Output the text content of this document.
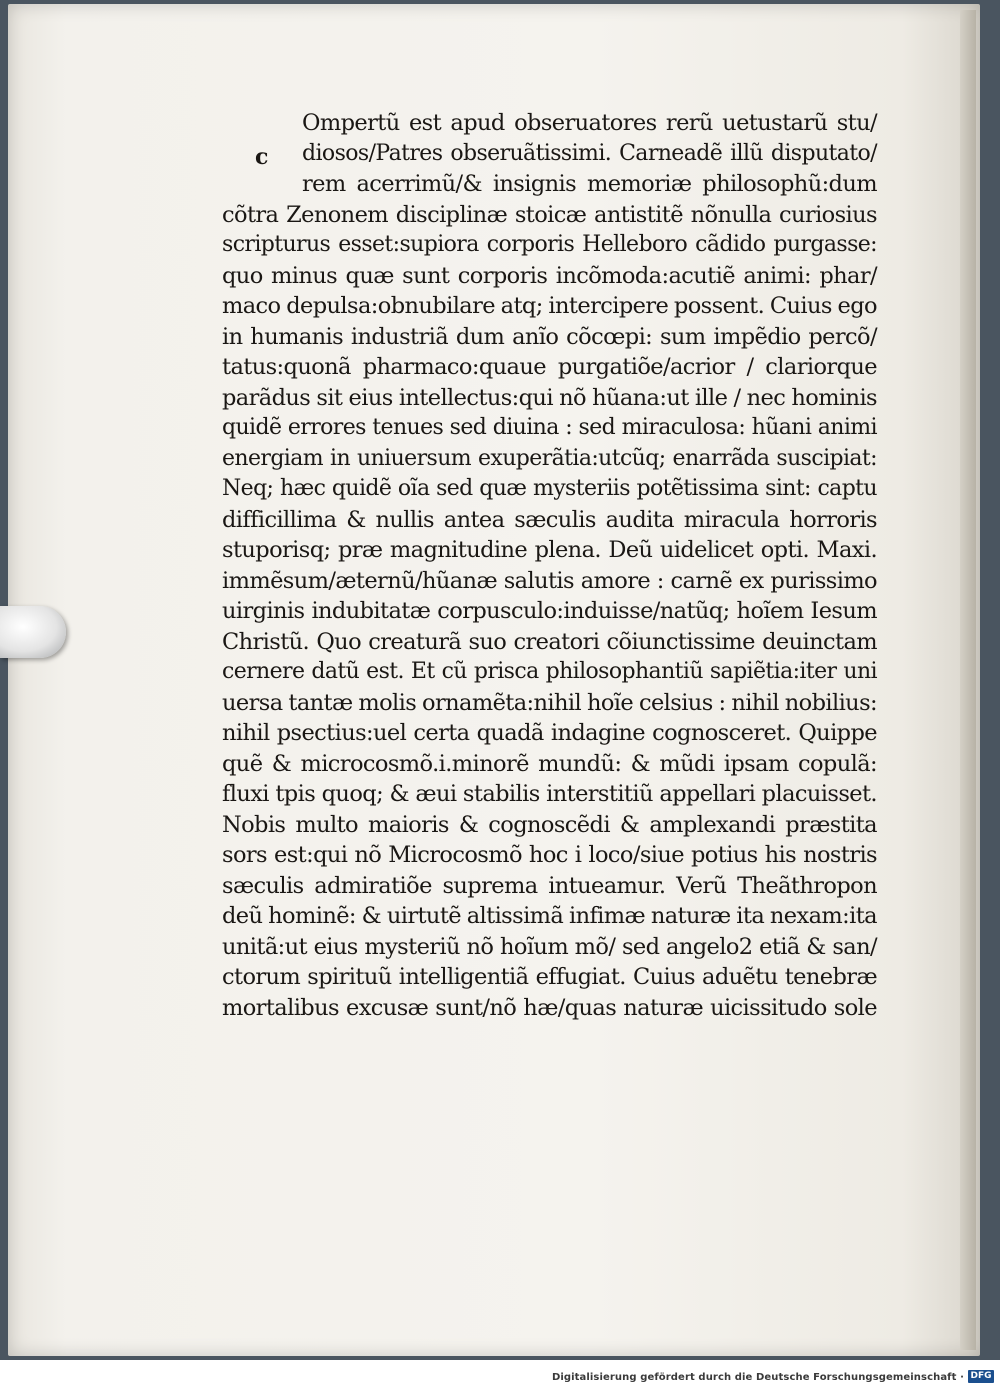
c
Ompertũ est apud obseruatores rerũ uetustarũ stu/
diosos/Patres obseruãtissimi. Carneadẽ illũ disputato/
rem acerrimũ/& insignis memoriæ philosophũ:dum
cõtra Zenonem disciplinæ stoicæ antistitẽ nõnulla curiosius
scripturus esset:supiora corporis Helleboro cãdido purgasse:
quo minus quæ sunt corporis incõmoda:acutiẽ animi: phar/
maco depulsa:obnubilare atq; intercipere possent. Cuius ego
in humanis industriã dum anĩo cõcœpi: sum impẽdio percõ/
tatus:quonã pharmaco:quaue purgatiõe/acrior / clariorque
parãdus sit eius intellectus:qui nõ hũana:ut ille / nec hominis
quidẽ errores tenues sed diuina : sed miraculosa: hũani animi
energiam in uniuersum exuperãtia:utcũq; enarrãda suscipiat:
Neq; hæc quidẽ oĩa sed quæ mysteriis potẽtissima sint: captu
difficillima & nullis antea sæculis audita miracula horroris
stuporisq; præ magnitudine plena. Deũ uidelicet opti. Maxi.
immẽsum/æternũ/hũanæ salutis amore : carnẽ ex purissimo
uirginis indubitatæ corpusculo:induisse/natũq; hoĩem Iesum
Christũ. Quo creaturã suo creatori cõiunctissime deuinctam
cernere datũ est. Et cũ prisca philosophantiũ sapiẽtia:iter uni
uersa tantæ molis ornamẽta:nihil hoĩe celsius : nihil nobilius:
nihil psectius:uel certa quadã indagine cognosceret. Quippe
quẽ & microcosmõ.i.minorẽ mundũ: & mũdi ipsam copulã:
fluxi tpis quoq; & æui stabilis interstitiũ appellari placuisset.
Nobis multo maioris & cognoscẽdi & amplexandi præstita
sors est:qui nõ Microcosmõ hoc i loco/siue potius his nostris
sæculis admiratiõe suprema intueamur. Verũ Theãthropon
deũ hominẽ: & uirtutẽ altissimã infimæ naturæ ita nexam:ita
unitã:ut eius mysteriũ nõ hoĩum mõ/ sed angelo2 etiã & san/
ctorum spirituũ intelligentiã effugiat. Cuius aduẽtu tenebræ
mortalibus excusæ sunt/nõ hæ/quas naturæ uicissitudo sole
Digitalisierung gefördert durch die Deutsche Forschungsgemeinschaft · DFG
